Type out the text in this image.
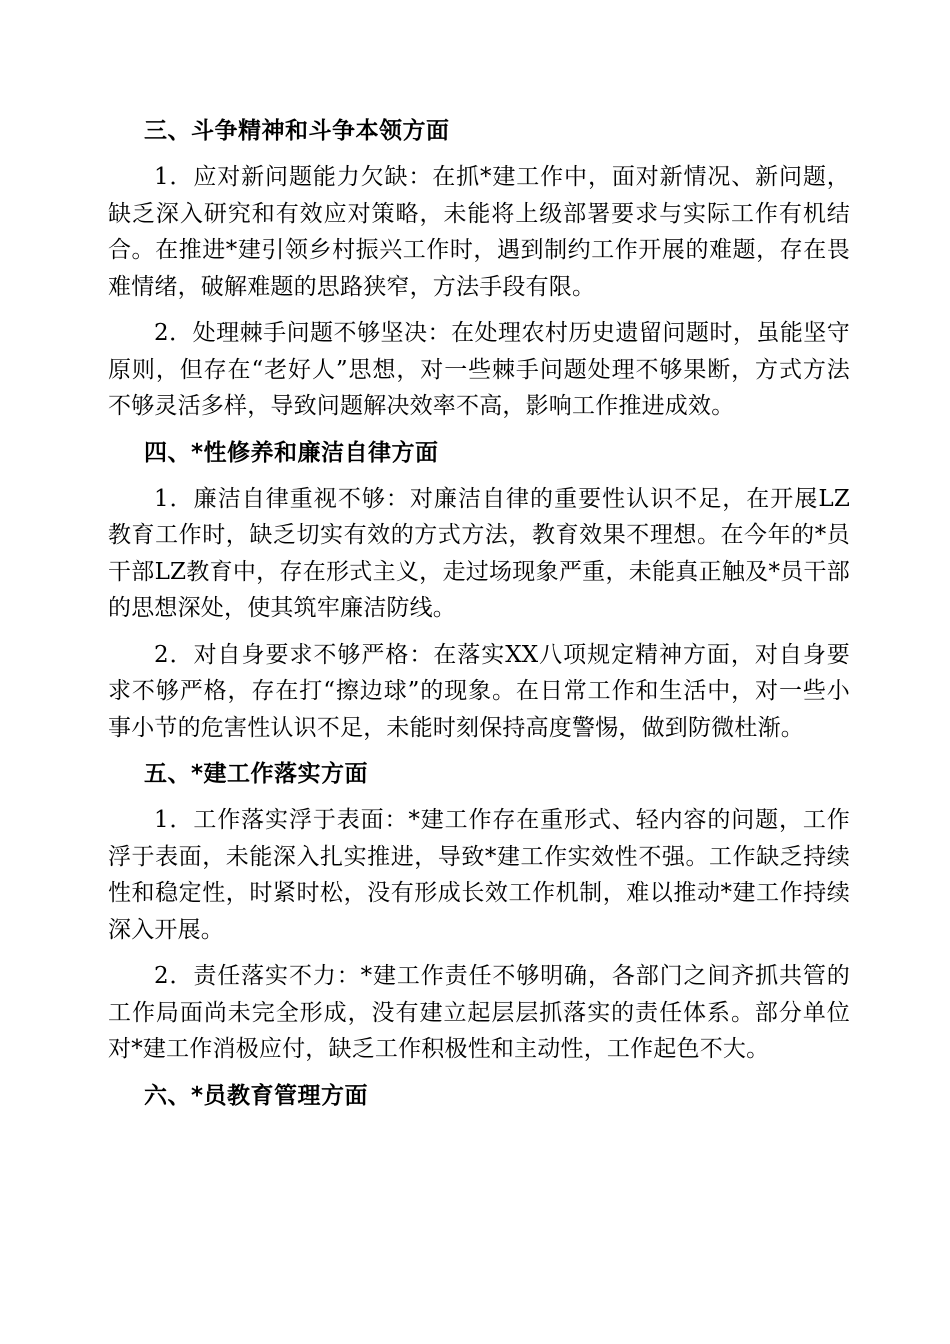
三、斗争精神和斗争本领方面

1．应对新问题能力欠缺：在抓*建工作中，面对新情况、新问题，缺乏深入研究和有效应对策略，未能将上级部署要求与实际工作有机结合。在推进*建引领乡村振兴工作时，遇到制约工作开展的难题，存在畏难情绪，破解难题的思路狭窄，方法手段有限。

2．处理棘手问题不够坚决：在处理农村历史遗留问题时，虽能坚守原则，但存在“老好人”思想，对一些棘手问题处理不够果断，方式方法不够灵活多样，导致问题解决效率不高，影响工作推进成效。

四、*性修养和廉洁自律方面

1．廉洁自律重视不够：对廉洁自律的重要性认识不足，在开展LZ教育工作时，缺乏切实有效的方式方法，教育效果不理想。在今年的*员干部LZ教育中，存在形式主义，走过场现象严重，未能真正触及*员干部的思想深处，使其筑牢廉洁防线。

2．对自身要求不够严格：在落实XX八项规定精神方面，对自身要求不够严格，存在打“擦边球”的现象。在日常工作和生活中，对一些小事小节的危害性认识不足，未能时刻保持高度警惕，做到防微杜渐。

五、*建工作落实方面

1．工作落实浮于表面：*建工作存在重形式、轻内容的问题，工作浮于表面，未能深入扎实推进，导致*建工作实效性不强。工作缺乏持续性和稳定性，时紧时松，没有形成长效工作机制，难以推动*建工作持续深入开展。

2．责任落实不力：*建工作责任不够明确，各部门之间齐抓共管的工作局面尚未完全形成，没有建立起层层抓落实的责任体系。部分单位对*建工作消极应付，缺乏工作积极性和主动性，工作起色不大。

六、*员教育管理方面
